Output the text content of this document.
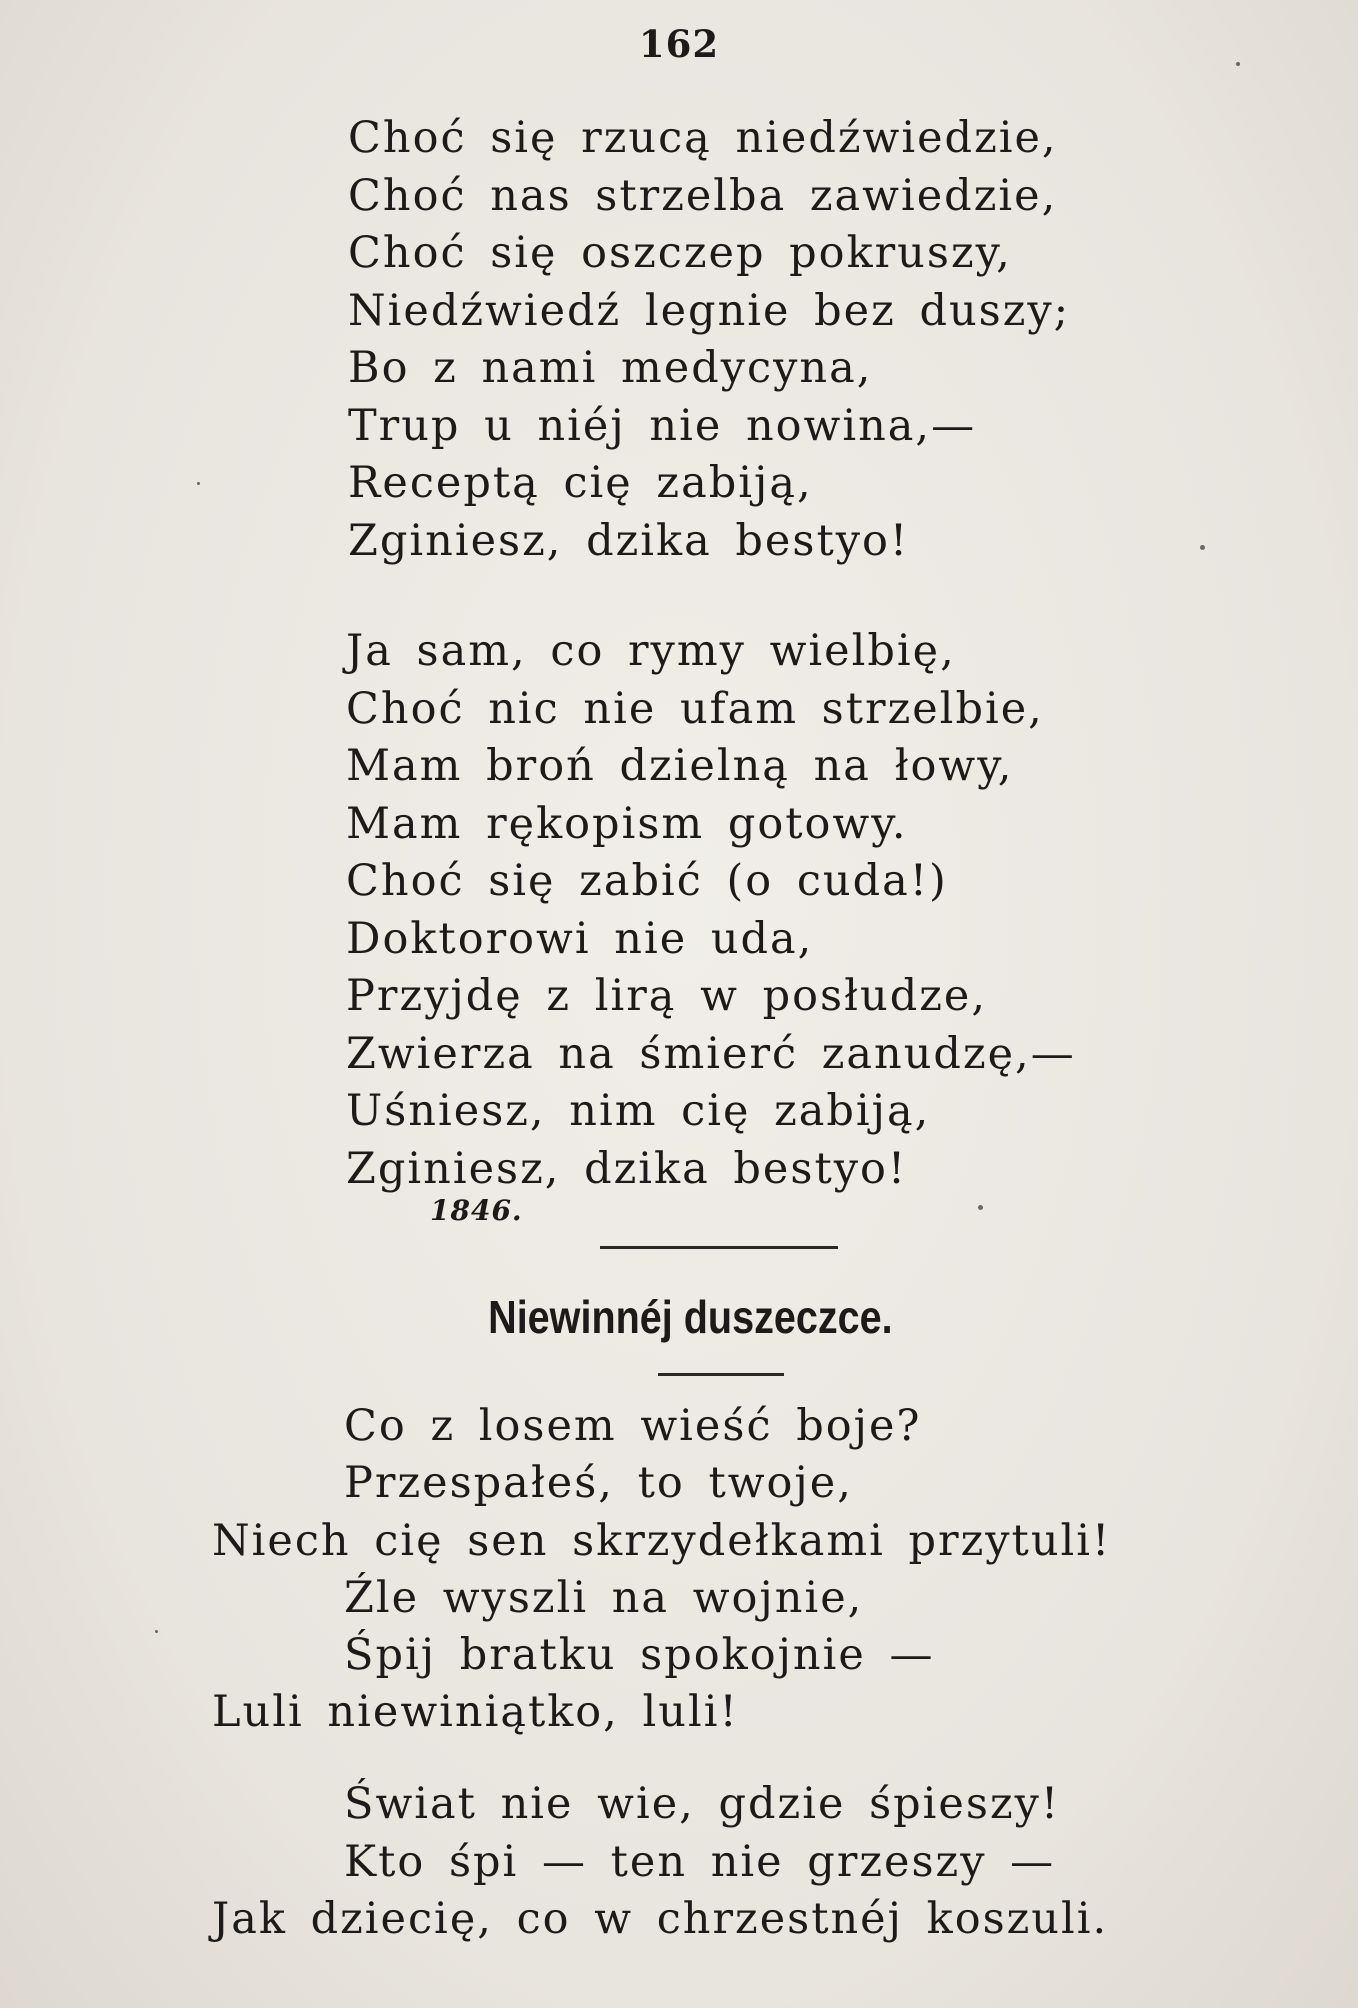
162
Choć się rzucą niedźwiedzie,
Choć nas strzelba zawiedzie,
Choć się oszczep pokruszy,
Niedźwiedź legnie bez duszy;
Bo z nami medycyna,
Trup u niéj nie nowina,—
Receptą cię zabiją,
Zginiesz, dzika bestyo!
Ja sam, co rymy wielbię,
Choć nic nie ufam strzelbie,
Mam broń dzielną na łowy,
Mam rękopism gotowy.
Choć się zabić (o cuda!)
Doktorowi nie uda,
Przyjdę z lirą w posłudze,
Zwierza na śmierć zanudzę,—
Uśniesz, nim cię zabiją,
Zginiesz, dzika bestyo!
1846.
Niewinnéj duszeczce.
Co z losem wieść boje?
Przespałeś, to twoje,
Niech cię sen skrzydełkami przytuli!
Źle wyszli na wojnie,
Śpij bratku spokojnie —
Luli niewiniątko, luli!
Świat nie wie, gdzie śpieszy!
Kto śpi — ten nie grzeszy —
Jak dziecię, co w chrzestnéj koszuli.
